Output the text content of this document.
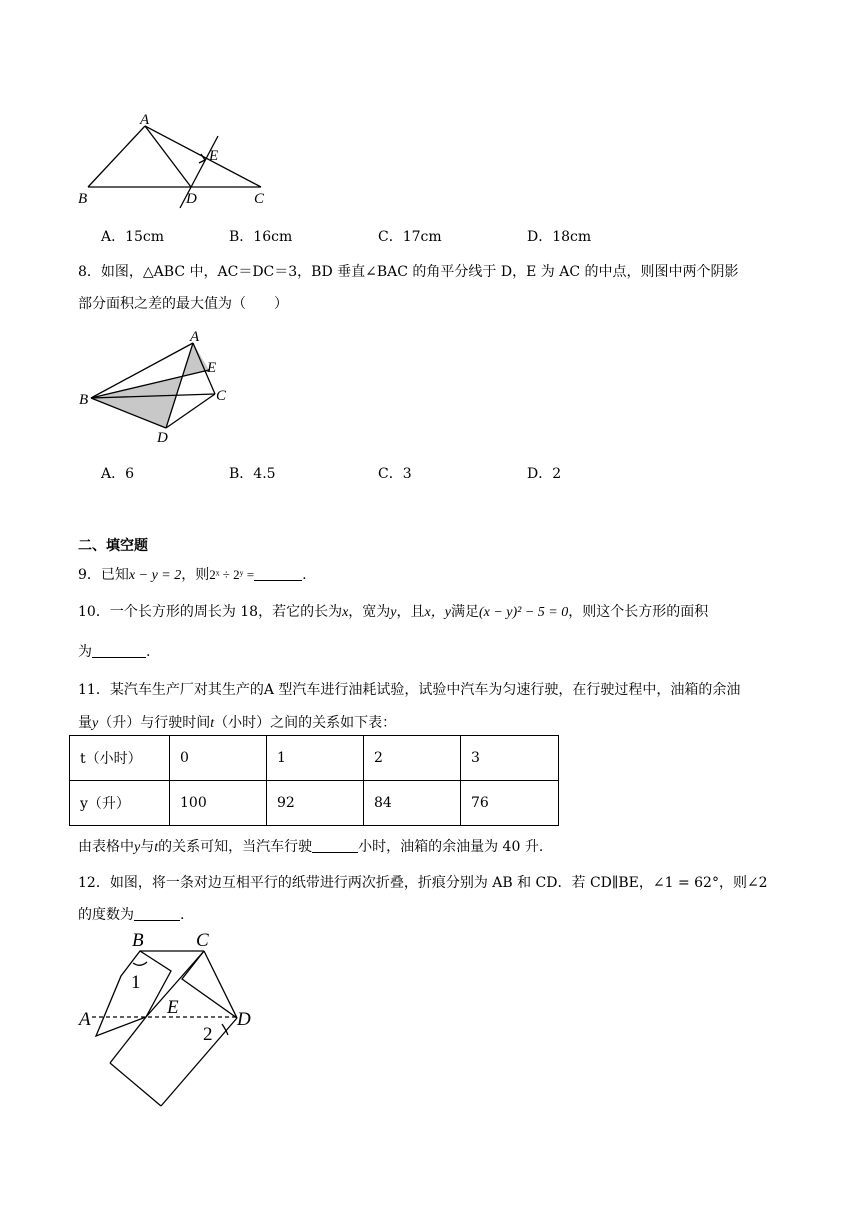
A
B	C
D
E
A．15cm	B．16cm	C．17cm	D．18cm
8．如图，△ABC 中，AC＝DC＝3，BD 垂直∠BAC 的角平分线于 D，E 为 AC 的中点，则图中两个阴影
部分面积之差的最大值为（　　）
A
B	C
D
E
A．6	B．4.5	C．3	D．2
二、填空题
9．已知x − y = 2，则2ˣ ÷ 2ʸ =	.
10．一个长方形的周长为 18，若它的长为x，宽为y，且x，y满足(x − y)² − 5 = 0，则这个长方形的面积
为	.
11．某汽车生产厂对其生产的A 型汽车进行油耗试验，试验中汽车为匀速行驶，在行驶过程中，油箱的余油
量y（升）与行驶时间t（小时）之间的关系如下表：
t（小时）	0	1	2	3
y（升）	100	92	84	76
由表格中y与t的关系可知，当汽车行驶	小时，油箱的余油量为 40 升.
12．如图，将一条对边互相平行的纸带进行两次折叠，折痕分别为 AB 和 CD．若 CD∥BE，∠1 = 62°，则∠2
的度数为	.
B	C
A
E
D
1
2
